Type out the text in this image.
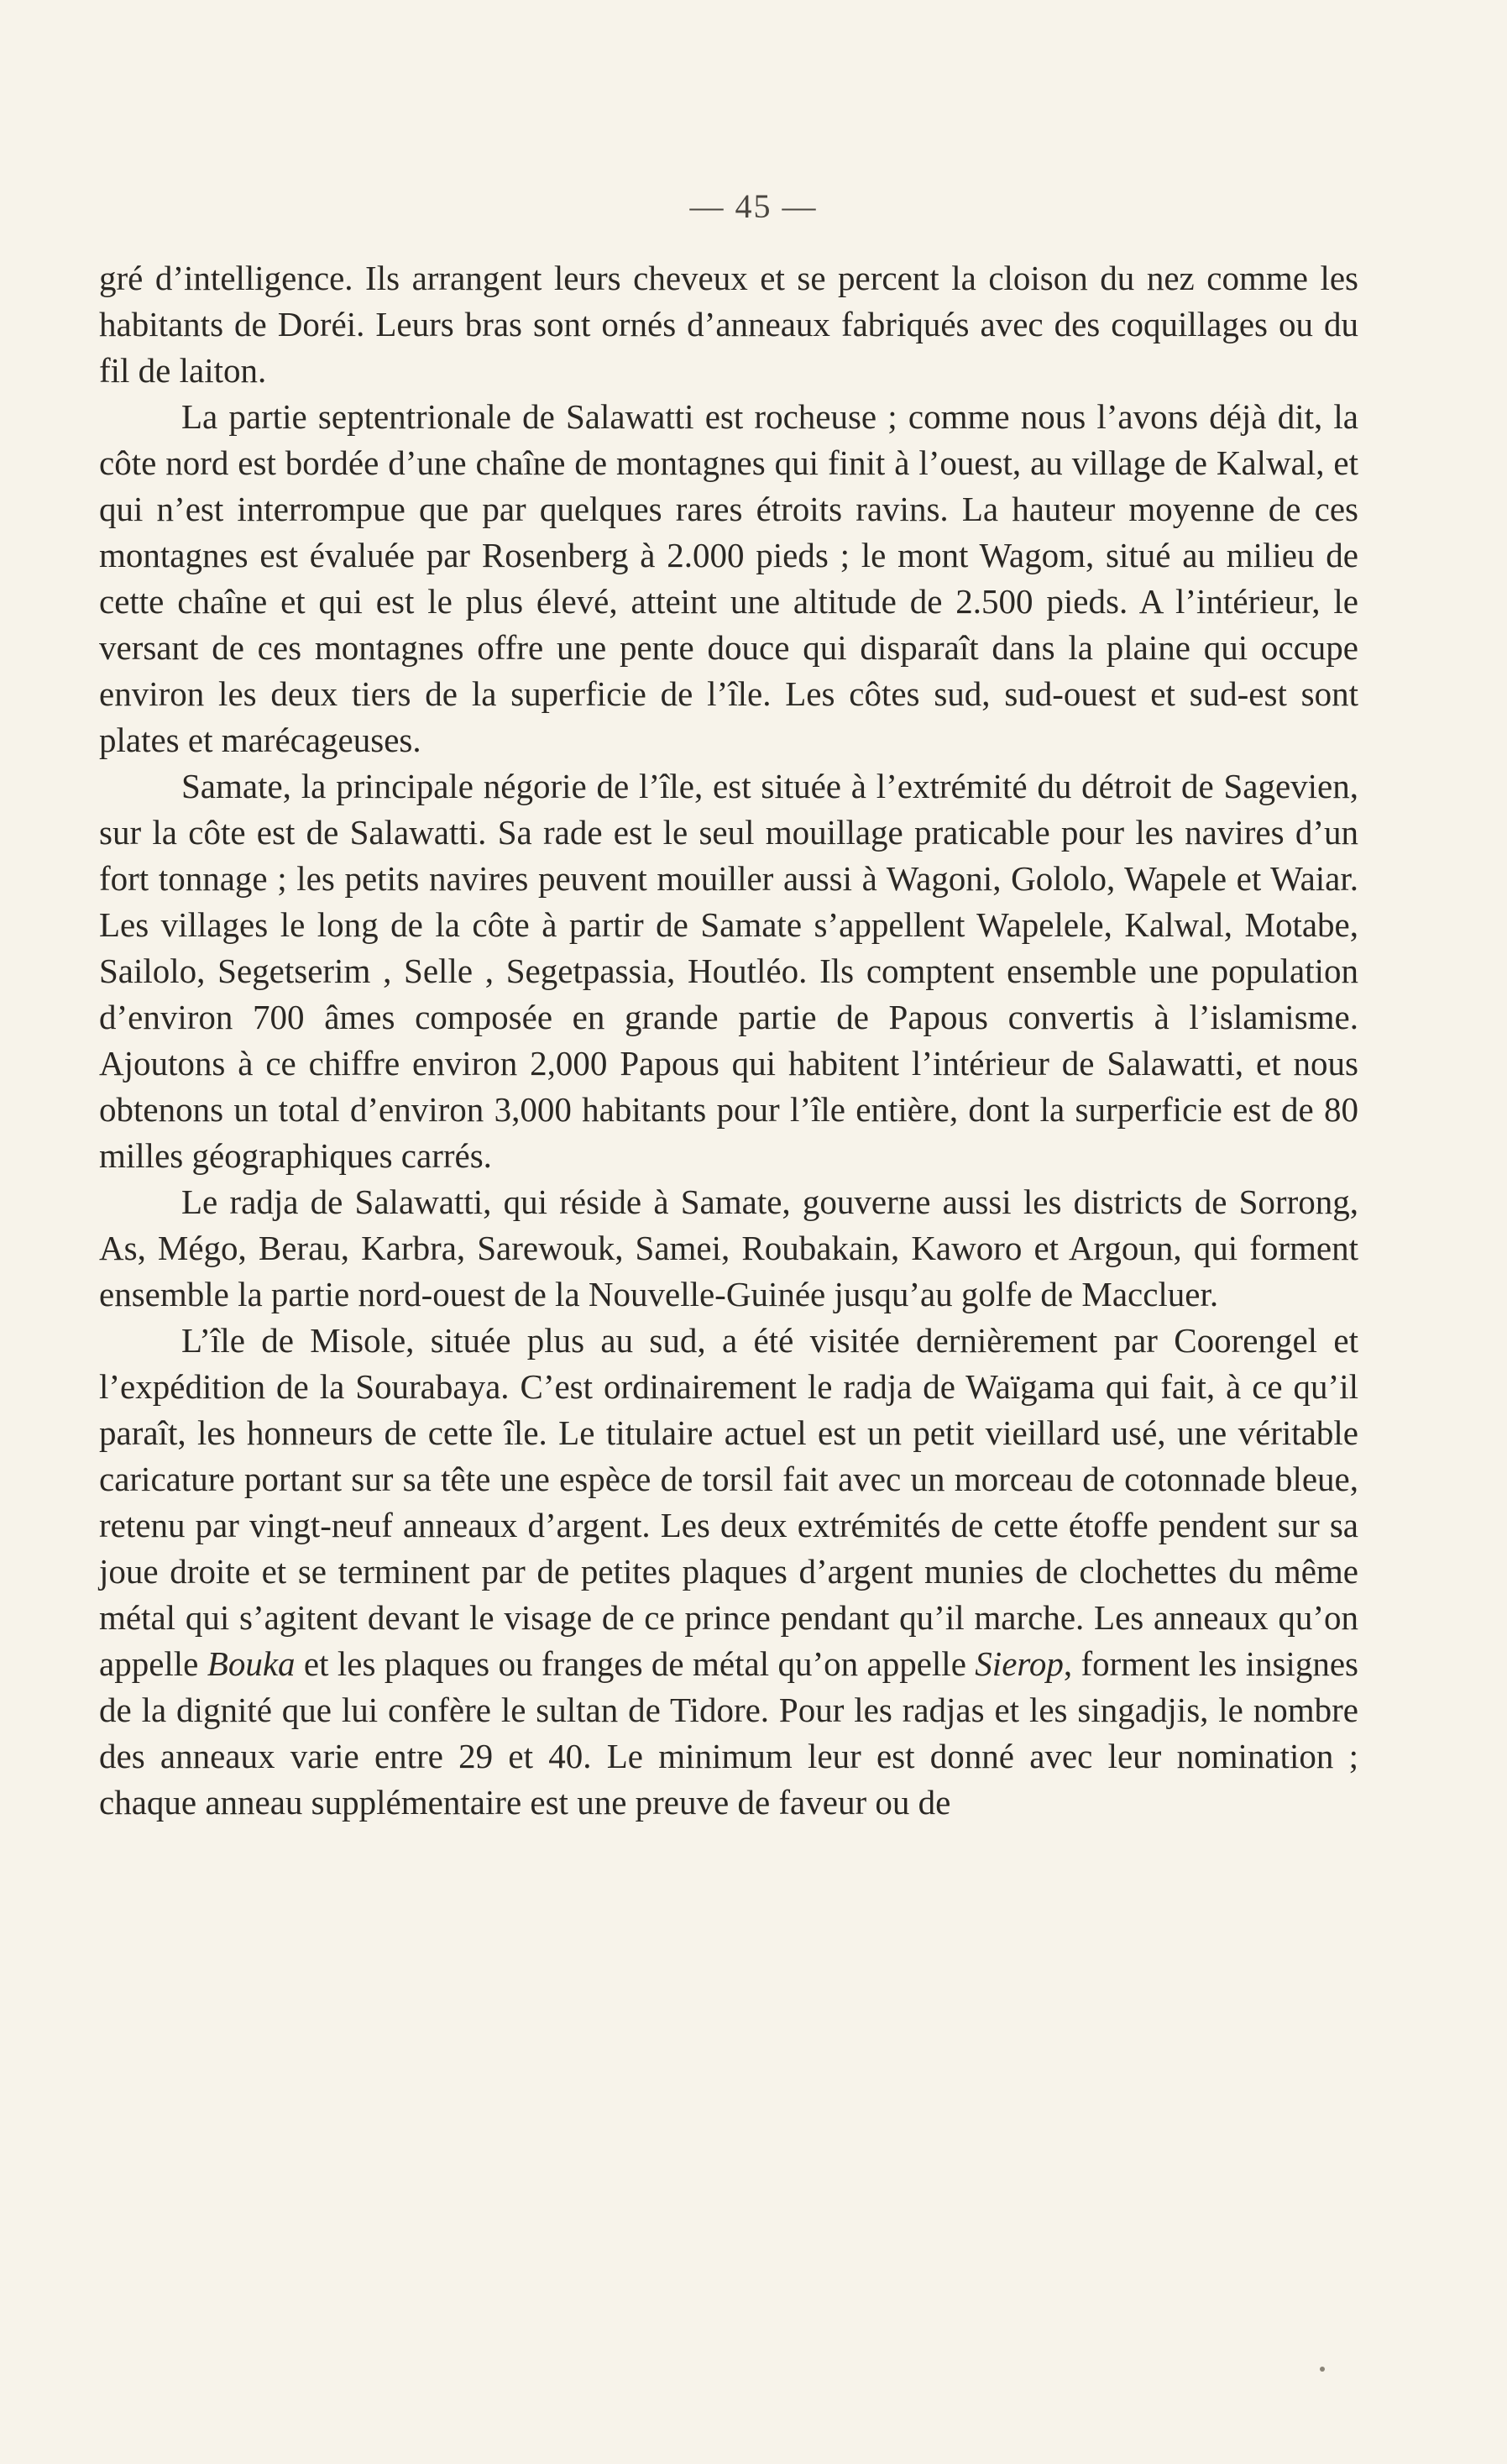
— 45 —

gré d’intelligence. Ils arrangent leurs cheveux et se percent la cloison du nez comme les habitants de Doréi. Leurs bras sont ornés d’anneaux fabriqués avec des coquillages ou du fil de laiton.

La partie septentrionale de Salawatti est rocheuse ; comme nous l’avons déjà dit, la côte nord est bordée d’une chaîne de montagnes qui finit à l’ouest, au village de Kalwal, et qui n’est interrompue que par quelques rares étroits ravins. La hauteur moyenne de ces montagnes est évaluée par Rosenberg à 2.000 pieds ; le mont Wagom, situé au milieu de cette chaîne et qui est le plus élevé, atteint une altitude de 2.500 pieds. A l’intérieur, le versant de ces montagnes offre une pente douce qui disparaît dans la plaine qui occupe environ les deux tiers de la superficie de l’île. Les côtes sud, sud-ouest et sud-est sont plates et marécageuses.

Samate, la principale négorie de l’île, est située à l’extrémité du détroit de Sagevien, sur la côte est de Salawatti. Sa rade est le seul mouillage praticable pour les navires d’un fort tonnage ; les petits navires peuvent mouiller aussi à Wagoni, Gololo, Wapele et Waiar. Les villages le long de la côte à partir de Samate s’appellent Wapelele, Kalwal, Motabe, Sailolo, Segetserim , Selle , Segetpassia, Houtléo. Ils comptent ensemble une population d’environ 700 âmes composée en grande partie de Papous convertis à l’islamisme. Ajoutons à ce chiffre environ 2,000 Papous qui habitent l’intérieur de Salawatti, et nous obtenons un total d’environ 3,000 habitants pour l’île entière, dont la surperficie est de 80 milles géographiques carrés.

Le radja de Salawatti, qui réside à Samate, gouverne aussi les districts de Sorrong, As, Mégo, Berau, Karbra, Sarewouk, Samei, Roubakain, Kaworo et Argoun, qui forment ensemble la partie nord-ouest de la Nouvelle-Guinée jusqu’au golfe de Maccluer.

L’île de Misole, située plus au sud, a été visitée dernièrement par Coorengel et l’expédition de la Sourabaya. C’est ordinairement le radja de Waïgama qui fait, à ce qu’il paraît, les honneurs de cette île. Le titulaire actuel est un petit vieillard usé, une véritable caricature portant sur sa tête une espèce de torsil fait avec un morceau de cotonnade bleue, retenu par vingt-neuf anneaux d’argent. Les deux extrémités de cette étoffe pendent sur sa joue droite et se terminent par de petites plaques d’argent munies de clochettes du même métal qui s’agitent devant le visage de ce prince pendant qu’il marche. Les anneaux qu’on appelle Bouka et les plaques ou franges de métal qu’on appelle Sierop, forment les insignes de la dignité que lui confère le sultan de Tidore. Pour les radjas et les singadjis, le nombre des anneaux varie entre 29 et 40. Le minimum leur est donné avec leur nomination ; chaque anneau supplémentaire est une preuve de faveur ou de
